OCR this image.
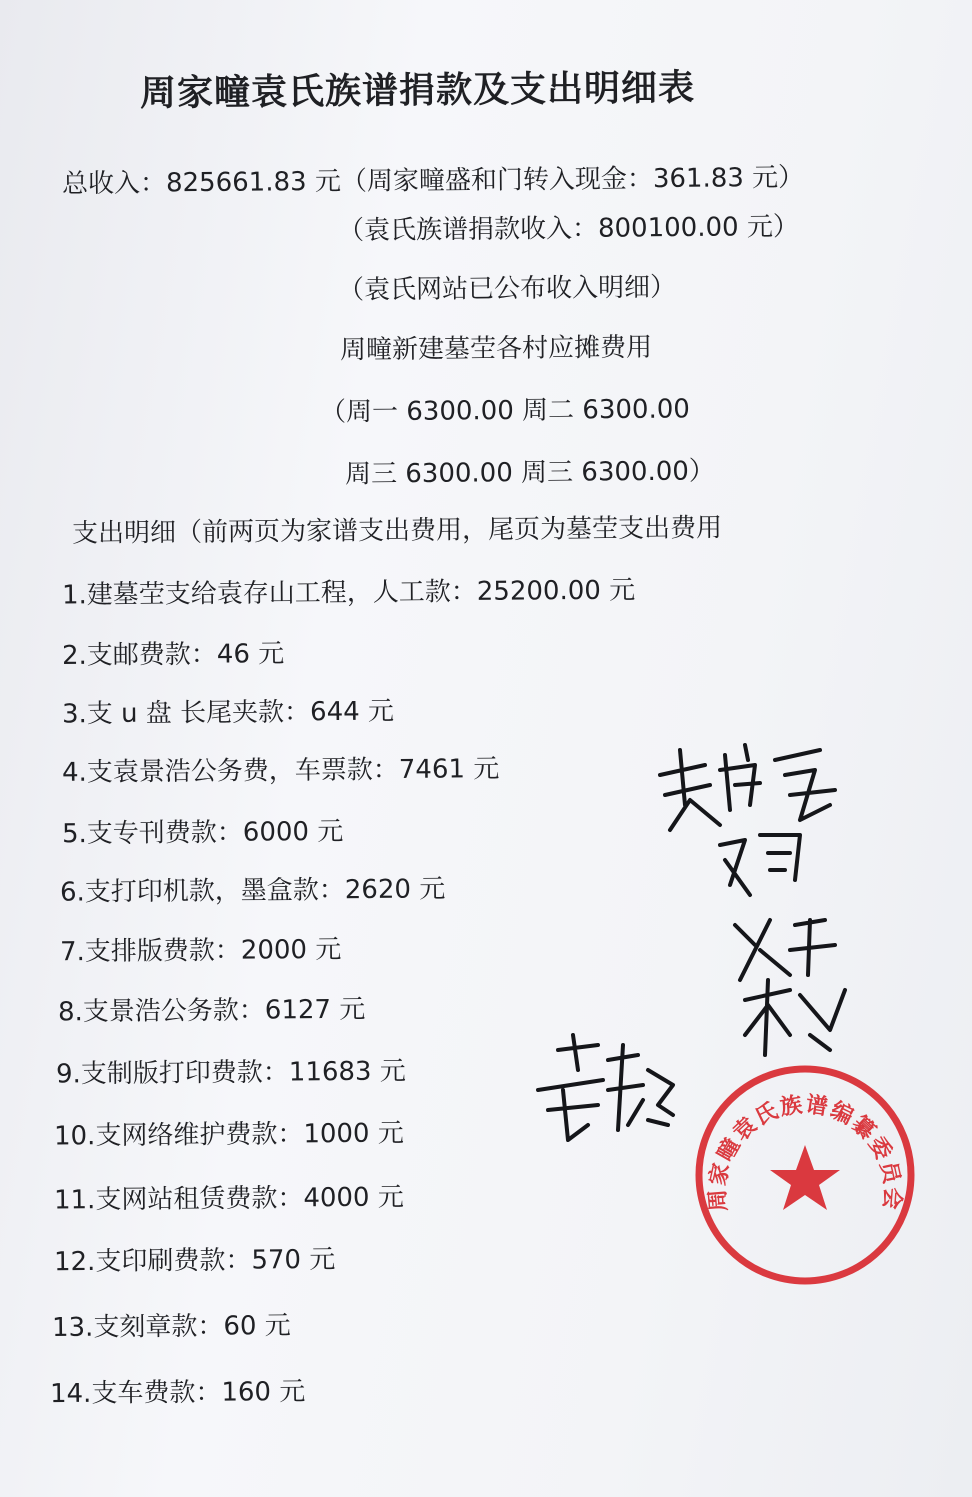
周家疃袁氏族谱捐款及支出明细表
总收入：825661.83 元（周家疃盛和门转入现金：361.83 元）
（袁氏族谱捐款收入：800100.00 元）
（袁氏网站已公布收入明细）
周疃新建墓茔各村应摊费用
（周一 6300.00 周二 6300.00
周三 6300.00 周三 6300.00）
支出明细（前两页为家谱支出费用，尾页为墓茔支出费用
1.建墓茔支给袁存山工程，人工款：25200.00 元
2.支邮费款：46 元
3.支 u 盘 长尾夹款：644 元
4.支袁景浩公务费，车票款：7461 元
5.支专刊费款：6000 元
6.支打印机款，墨盒款：2620 元
7.支排版费款：2000 元
8.支景浩公务款：6127 元
9.支制版打印费款：11683 元
10.支网络维护费款：1000 元
11.支网站租赁费款：4000 元
12.支印刷费款：570 元
13.支刻章款：60 元
14.支车费款：160 元
周家疃袁氏族谱编纂委员会
